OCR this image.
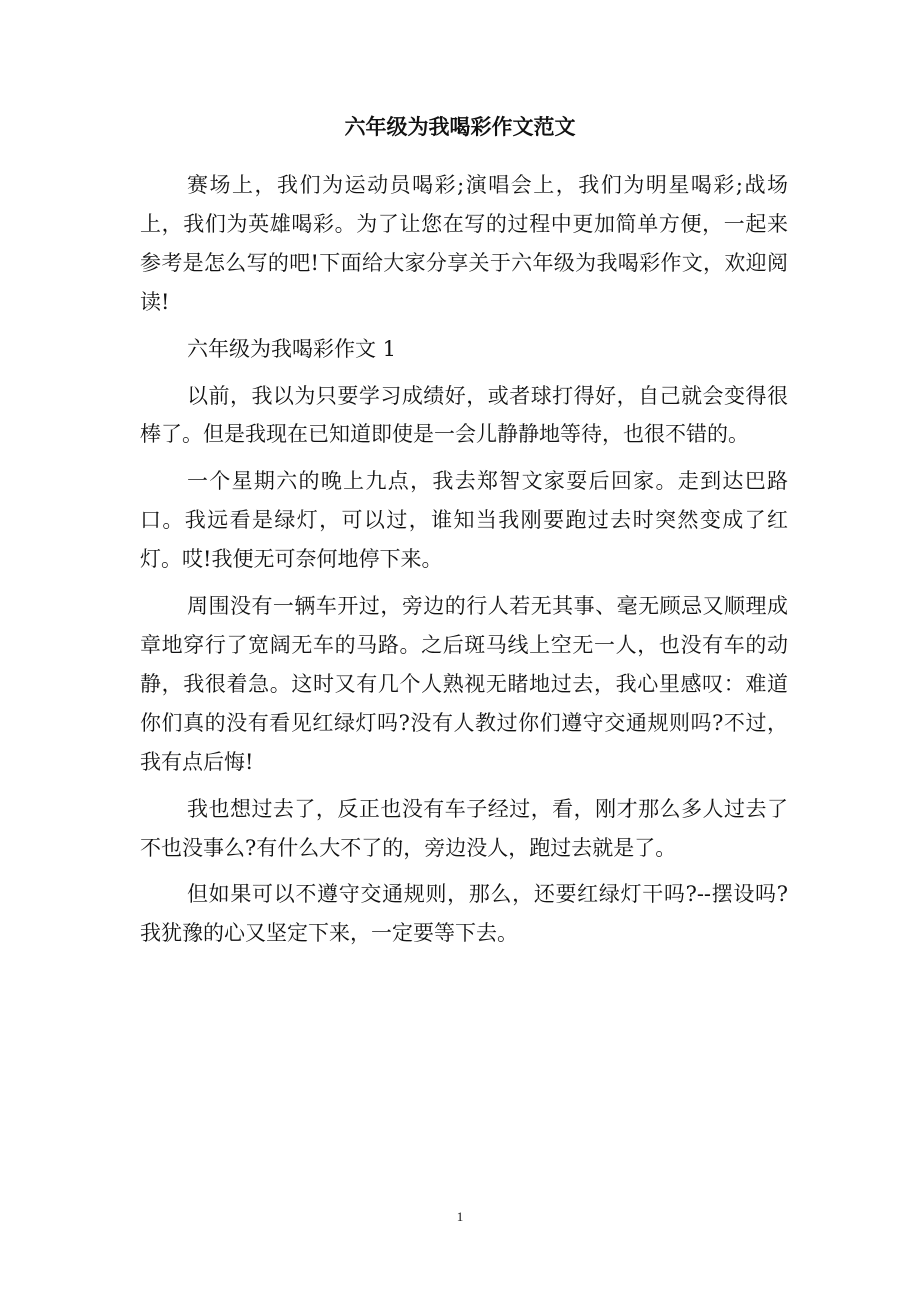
六年级为我喝彩作文范文

赛场上，我们为运动员喝彩;演唱会上，我们为明星喝彩;战场上，我们为英雄喝彩。为了让您在写的过程中更加简单方便，一起来参考是怎么写的吧!下面给大家分享关于六年级为我喝彩作文，欢迎阅读!

六年级为我喝彩作文 1

以前，我以为只要学习成绩好，或者球打得好，自己就会变得很棒了。但是我现在已知道即使是一会儿静静地等待，也很不错的。

一个星期六的晚上九点，我去郑智文家耍后回家。走到达巴路口。我远看是绿灯，可以过，谁知当我刚要跑过去时突然变成了红灯。哎!我便无可奈何地停下来。

周围没有一辆车开过，旁边的行人若无其事、毫无顾忌又顺理成章地穿行了宽阔无车的马路。之后斑马线上空无一人，也没有车的动静，我很着急。这时又有几个人熟视无睹地过去，我心里感叹：难道你们真的没有看见红绿灯吗?没有人教过你们遵守交通规则吗?不过，我有点后悔!

我也想过去了，反正也没有车子经过，看，刚才那么多人过去了不也没事么?有什么大不了的，旁边没人，跑过去就是了。

但如果可以不遵守交通规则，那么，还要红绿灯干吗?--摆设吗?我犹豫的心又坚定下来，一定要等下去。

1
